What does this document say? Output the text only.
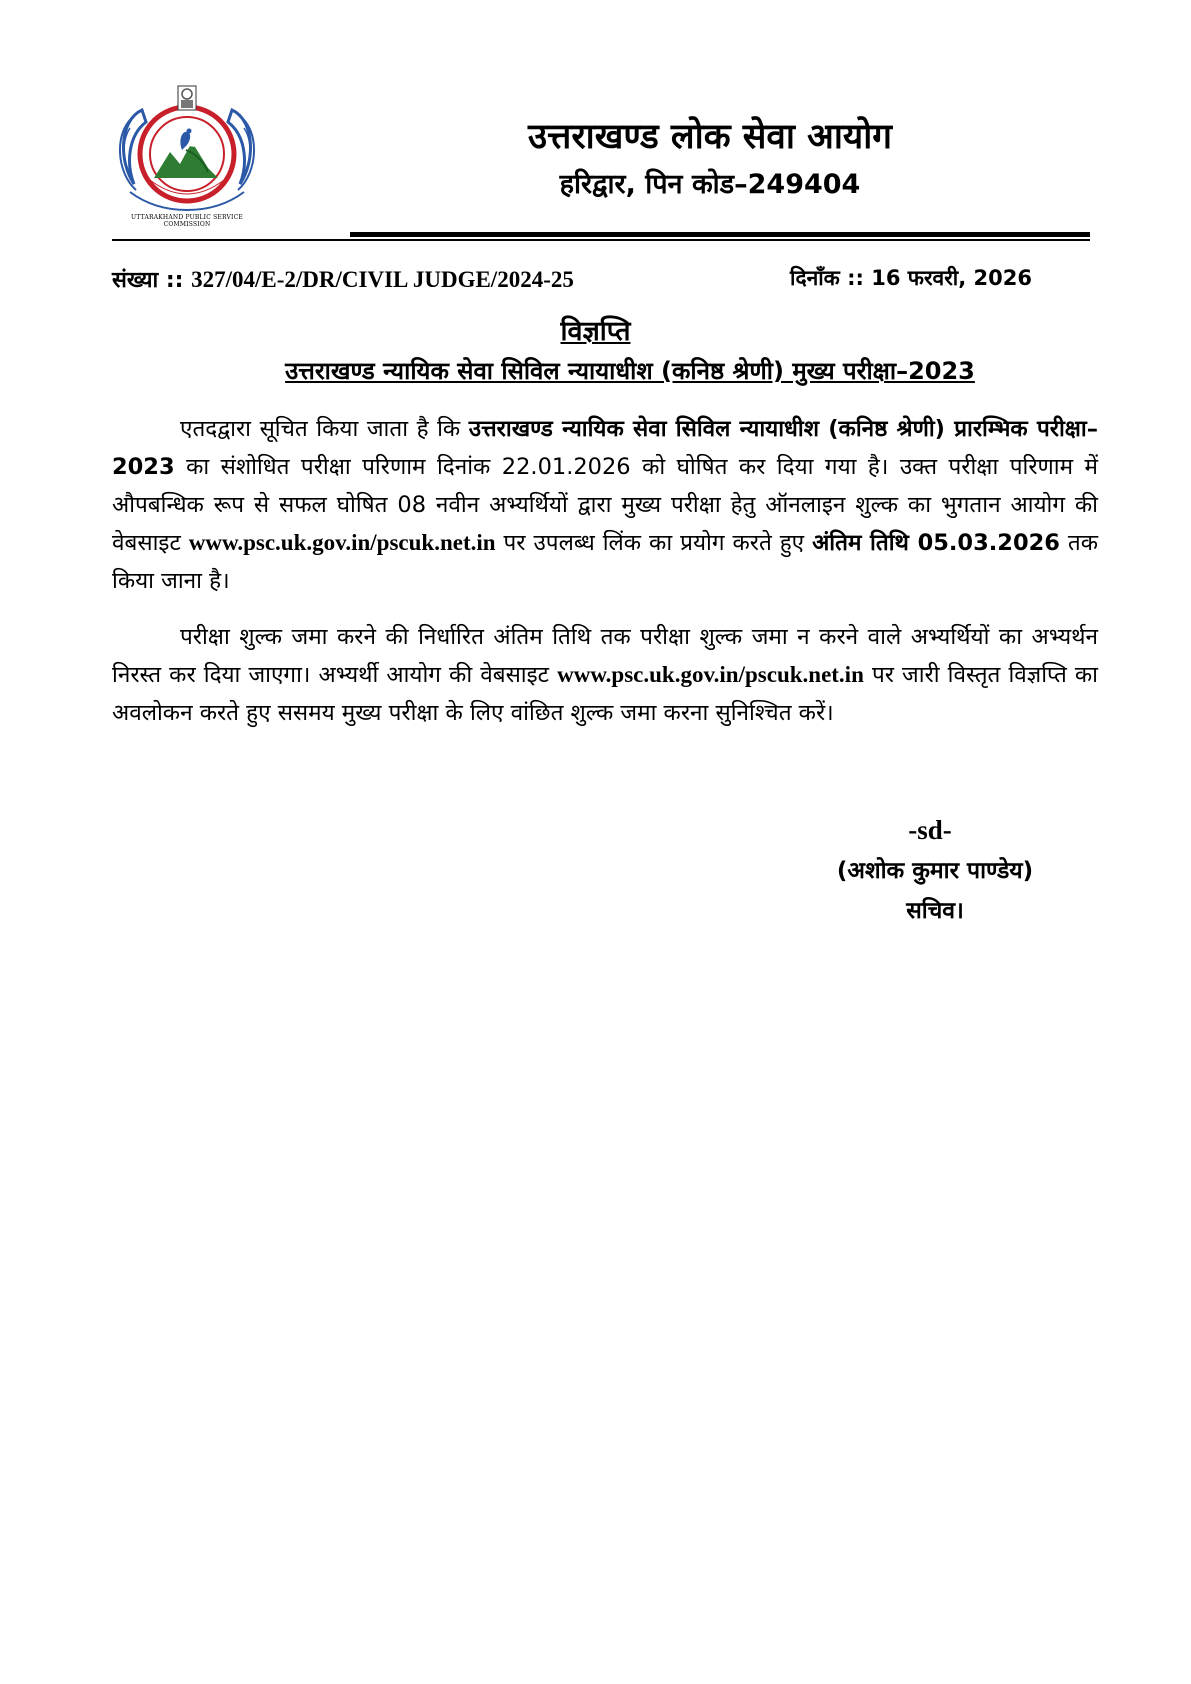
UTTARAKHAND PUBLIC SERVICE COMMISSION
उत्तराखण्ड लोक सेवा आयोग
हरिद्वार, पिन कोड–249404
संख्या :: 327/04/E-2/DR/CIVIL JUDGE/2024-25	दिनाँक :: 16 फरवरी, 2026
विज्ञप्ति
उत्तराखण्ड न्यायिक सेवा सिविल न्यायाधीश (कनिष्ठ श्रेणी) मुख्य परीक्षा–2023
एतदद्वारा सूचित किया जाता है कि उत्तराखण्ड न्यायिक सेवा सिविल न्यायाधीश (कनिष्ठ श्रेणी) प्रारम्भिक परीक्षा–2023 का संशोधित परीक्षा परिणाम दिनांक 22.01.2026 को घोषित कर दिया गया है। उक्त परीक्षा परिणाम में औपबन्धिक रूप से सफल घोषित 08 नवीन अभ्यर्थियों द्वारा मुख्य परीक्षा हेतु ऑनलाइन शुल्क का भुगतान आयोग की वेबसाइट www.psc.uk.gov.in/pscuk.net.in पर उपलब्ध लिंक का प्रयोग करते हुए अंतिम तिथि 05.03.2026 तक किया जाना है।
परीक्षा शुल्क जमा करने की निर्धारित अंतिम तिथि तक परीक्षा शुल्क जमा न करने वाले अभ्यर्थियों का अभ्यर्थन निरस्त कर दिया जाएगा। अभ्यर्थी आयोग की वेबसाइट www.psc.uk.gov.in/pscuk.net.in पर जारी विस्तृत विज्ञप्ति का अवलोकन करते हुए ससमय मुख्य परीक्षा के लिए वांछित शुल्क जमा करना सुनिश्चित करें।
-sd-
(अशोक कुमार पाण्डेय)
सचिव।
